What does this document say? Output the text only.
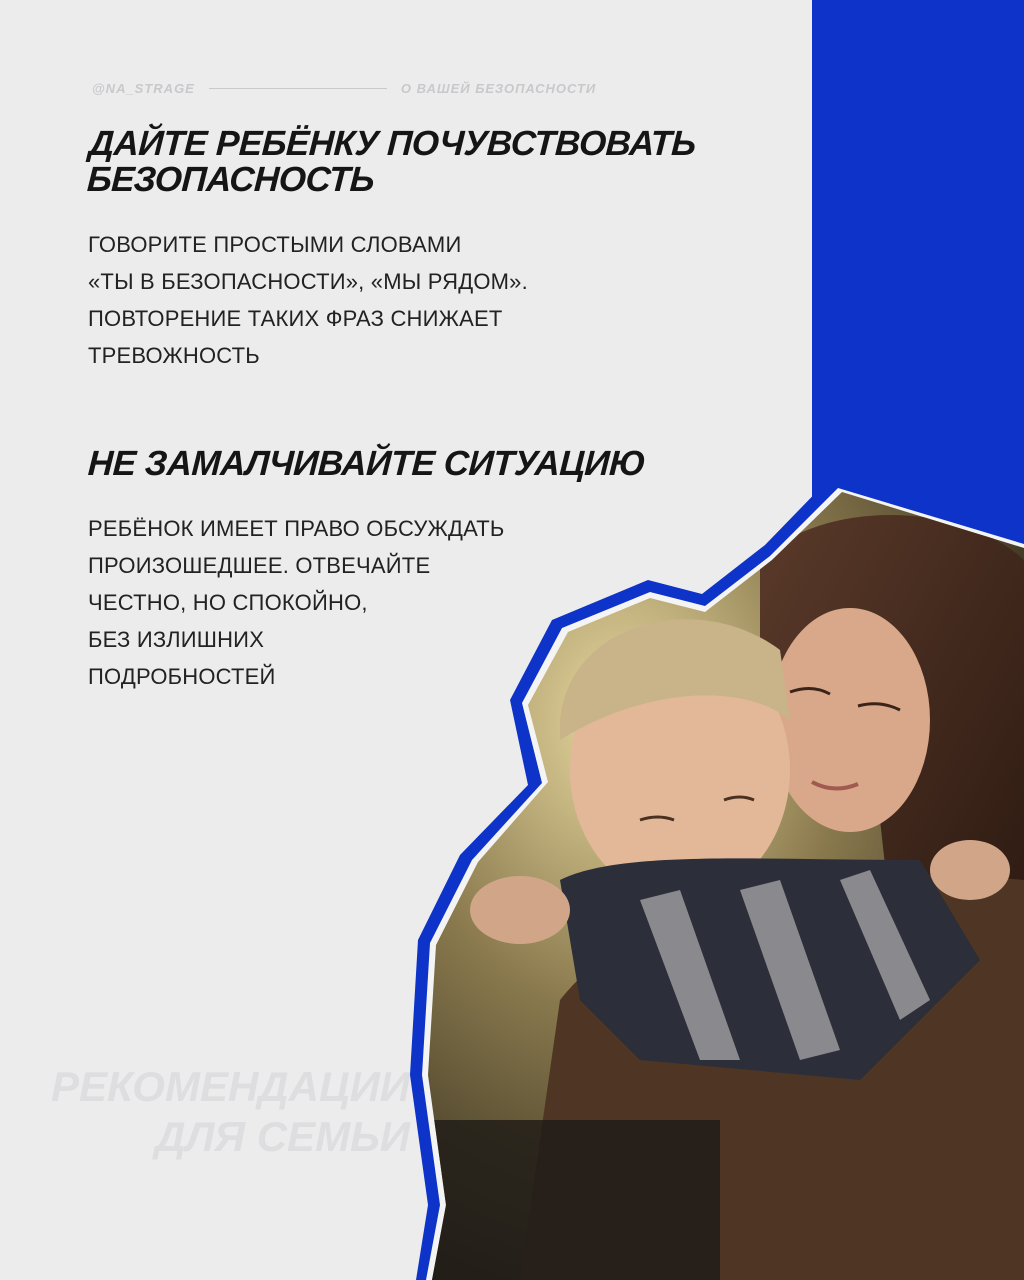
@NA_STRAGE	О ВАШЕЙ БЕЗОПАСНОСТИ
ДАЙТЕ РЕБЁНКУ ПОЧУВСТВОВАТЬ
БЕЗОПАСНОСТЬ
ГОВОРИТЕ ПРОСТЫМИ СЛОВАМИ
«ТЫ В БЕЗОПАСНОСТИ», «МЫ РЯДОМ».
ПОВТОРЕНИЕ ТАКИХ ФРАЗ СНИЖАЕТ
ТРЕВОЖНОСТЬ
НЕ ЗАМАЛЧИВАЙТЕ СИТУАЦИЮ
РЕБЁНОК ИМЕЕТ ПРАВО ОБСУЖДАТЬ
ПРОИЗОШЕДШЕЕ. ОТВЕЧАЙТЕ
ЧЕСТНО, НО СПОКОЙНО,
БЕЗ ИЗЛИШНИХ
ПОДРОБНОСТЕЙ
РЕКОМЕНДАЦИИ
ДЛЯ СЕМЬИ
